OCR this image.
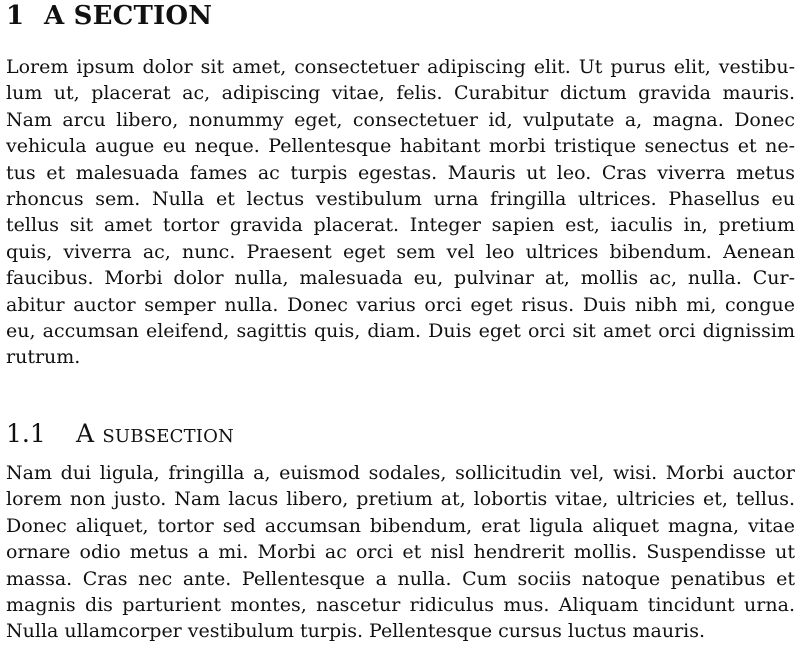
1 A SECTION

Lorem ipsum dolor sit amet, consectetuer adipiscing elit. Ut purus elit, vestibu-
lum ut, placerat ac, adipiscing vitae, felis. Curabitur dictum gravida mauris.
Nam arcu libero, nonummy eget, consectetuer id, vulputate a, magna. Donec
vehicula augue eu neque. Pellentesque habitant morbi tristique senectus et ne-
tus et malesuada fames ac turpis egestas. Mauris ut leo. Cras viverra metus
rhoncus sem. Nulla et lectus vestibulum urna fringilla ultrices. Phasellus eu
tellus sit amet tortor gravida placerat. Integer sapien est, iaculis in, pretium
quis, viverra ac, nunc. Praesent eget sem vel leo ultrices bibendum. Aenean
faucibus. Morbi dolor nulla, malesuada eu, pulvinar at, mollis ac, nulla. Cur-
abitur auctor semper nulla. Donec varius orci eget risus. Duis nibh mi, congue
eu, accumsan eleifend, sagittis quis, diam. Duis eget orci sit amet orci dignissim
rutrum.

1.1 A subsection

Nam dui ligula, fringilla a, euismod sodales, sollicitudin vel, wisi. Morbi auctor
lorem non justo. Nam lacus libero, pretium at, lobortis vitae, ultricies et, tellus.
Donec aliquet, tortor sed accumsan bibendum, erat ligula aliquet magna, vitae
ornare odio metus a mi. Morbi ac orci et nisl hendrerit mollis. Suspendisse ut
massa. Cras nec ante. Pellentesque a nulla. Cum sociis natoque penatibus et
magnis dis parturient montes, nascetur ridiculus mus. Aliquam tincidunt urna.
Nulla ullamcorper vestibulum turpis. Pellentesque cursus luctus mauris.
